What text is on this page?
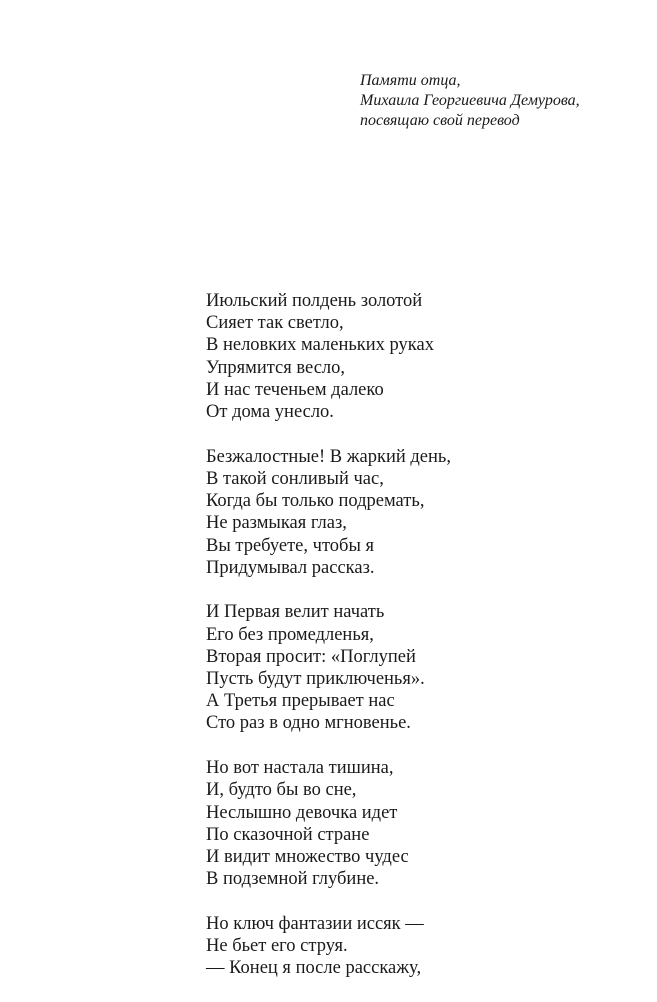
Памяти отца,
Михаила Георгиевича Демурова,
посвящаю свой перевод
Июльский полдень золотой
Сияет так светло,
В неловких маленьких руках
Упрямится весло,
И нас теченьем далеко
От дома унесло.
Безжалостные! В жаркий день,
В такой сонливый час,
Когда бы только подремать,
Не размыкая глаз,
Вы требуете, чтобы я
Придумывал рассказ.
И Первая велит начать
Его без промедленья,
Вторая просит: «Поглупей
Пусть будут приключенья».
А Третья прерывает нас
Сто раз в одно мгновенье.
Но вот настала тишина,
И, будто бы во сне,
Неслышно девочка идет
По сказочной стране
И видит множество чудес
В подземной глубине.
Но ключ фантазии иссяк —
Не бьет его струя.
— Конец я после расскажу,
